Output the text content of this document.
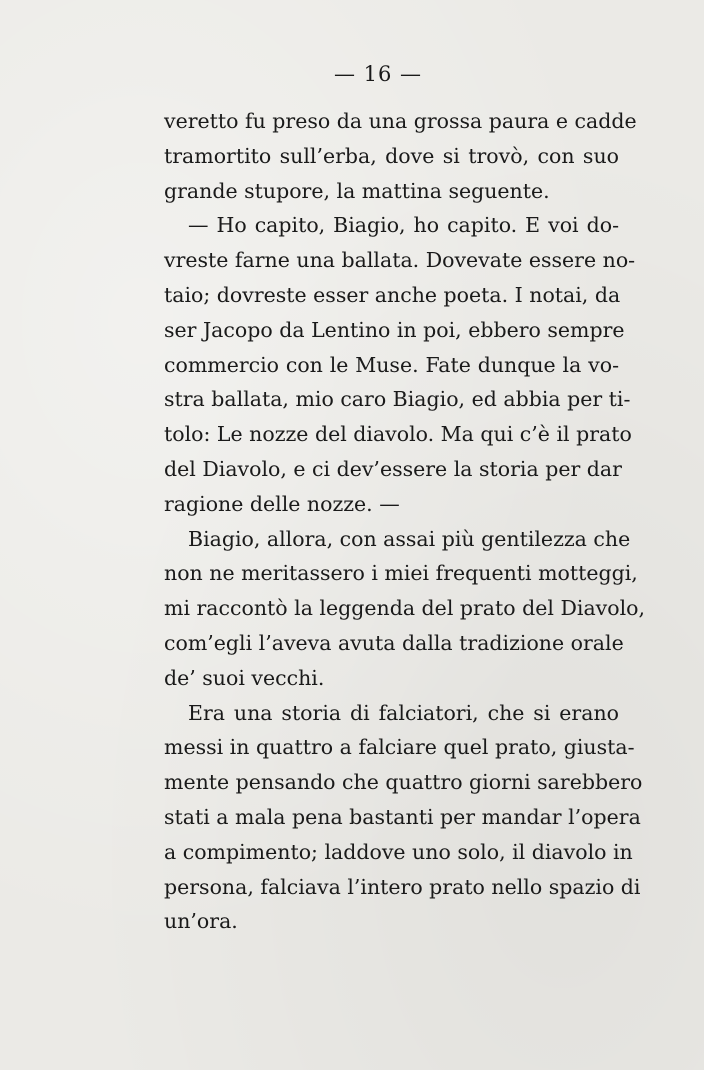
— 16 —
veretto fu preso da una grossa paura e cadde
tramortito sull’erba, dove si trovò, con suo
grande stupore, la mattina seguente.
— Ho capito, Biagio, ho capito. E voi do-
vreste farne una ballata. Dovevate essere no-
taio; dovreste esser anche poeta. I notai, da
ser Jacopo da Lentino in poi, ebbero sempre
commercio con le Muse. Fate dunque la vo-
stra ballata, mio caro Biagio, ed abbia per ti-
tolo: Le nozze del diavolo. Ma qui c’è il prato
del Diavolo, e ci dev’essere la storia per dar
ragione delle nozze. —
Biagio, allora, con assai più gentilezza che
non ne meritassero i miei frequenti motteggi,
mi raccontò la leggenda del prato del Diavolo,
com’egli l’aveva avuta dalla tradizione orale
de’ suoi vecchi.
Era una storia di falciatori, che si erano
messi in quattro a falciare quel prato, giusta-
mente pensando che quattro giorni sarebbero
stati a mala pena bastanti per mandar l’opera
a compimento; laddove uno solo, il diavolo in
persona, falciava l’intero prato nello spazio di
un’ora.
